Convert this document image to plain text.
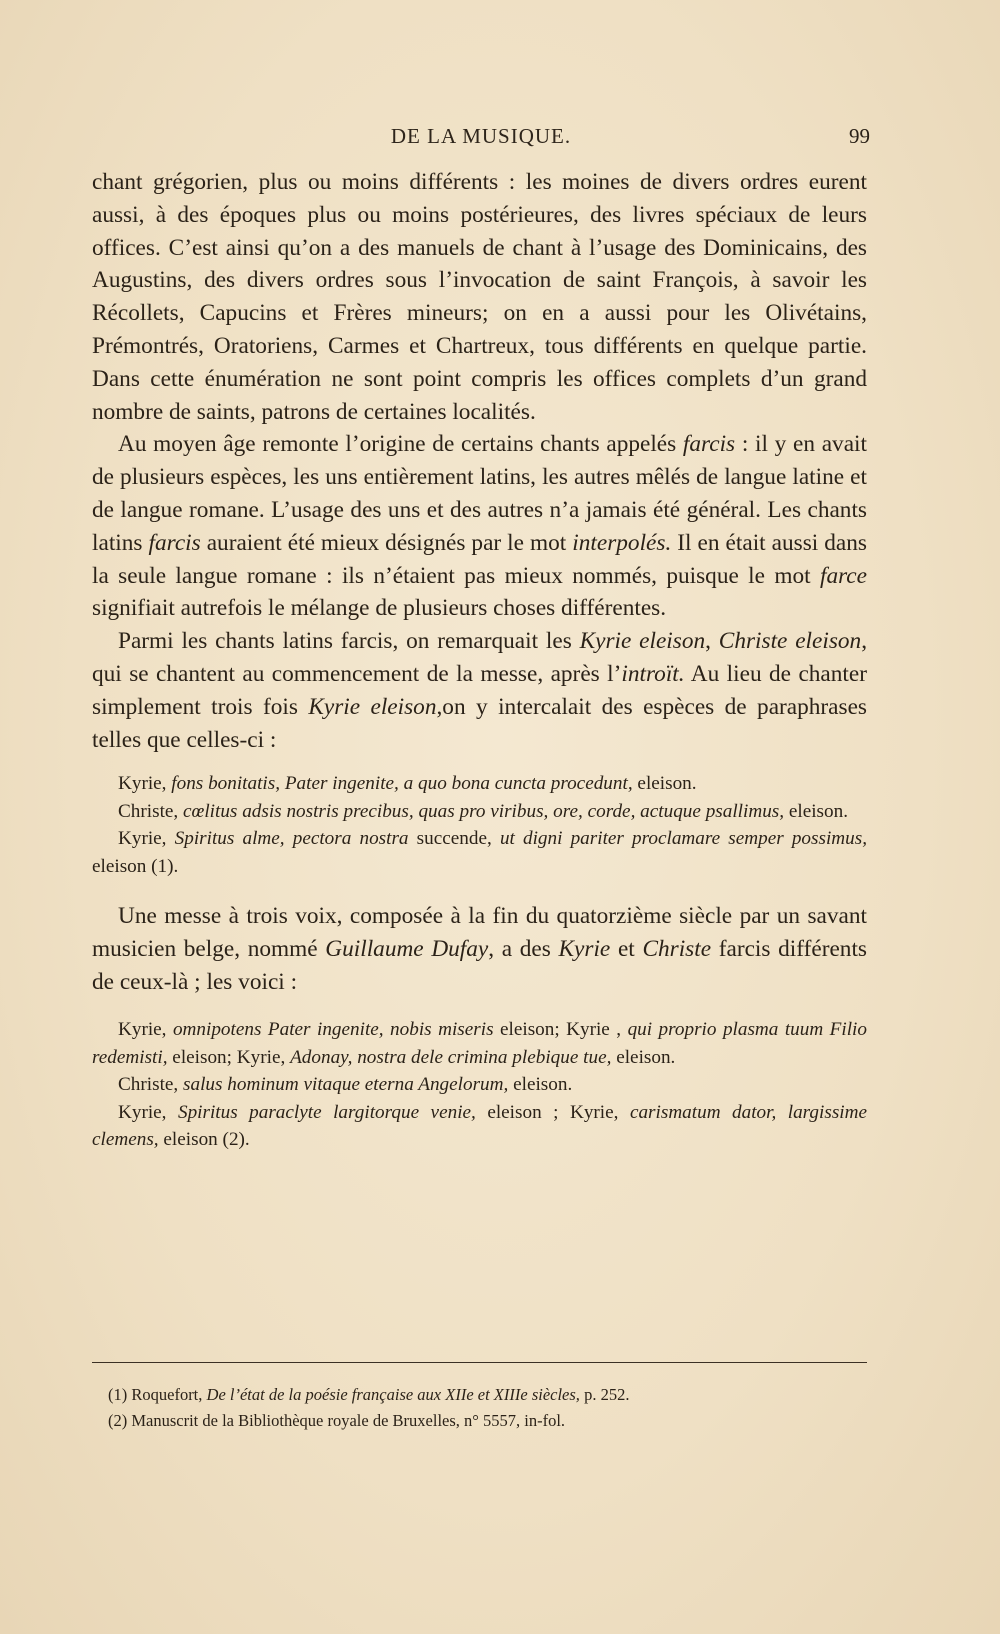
DE LA MUSIQUE.	99

chant grégorien, plus ou moins différents : les moines de divers ordres eurent aussi, à des époques plus ou moins postérieures, des livres spéciaux de leurs offices. C’est ainsi qu’on a des manuels de chant à l’usage des Dominicains, des Augustins, des divers ordres sous l’invocation de saint François, à savoir les Récollets, Capucins et Frères mineurs; on en a aussi pour les Olivétains, Prémontrés, Oratoriens, Carmes et Chartreux, tous différents en quelque partie. Dans cette énumération ne sont point compris les offices complets d’un grand nombre de saints, patrons de certaines localités.

Au moyen âge remonte l’origine de certains chants appelés farcis : il y en avait de plusieurs espèces, les uns entièrement latins, les autres mêlés de langue latine et de langue romane. L’usage des uns et des autres n’a jamais été général. Les chants latins farcis auraient été mieux désignés par le mot interpolés. Il en était aussi dans la seule langue romane : ils n’étaient pas mieux nommés, puisque le mot farce signifiait autrefois le mélange de plusieurs choses différentes.

Parmi les chants latins farcis, on remarquait les Kyrie eleison, Christe eleison, qui se chantent au commencement de la messe, après l’introït. Au lieu de chanter simplement trois fois Kyrie eleison,on y intercalait des espèces de paraphrases telles que celles-ci :

Kyrie, fons bonitatis, Pater ingenite, a quo bona cuncta procedunt, eleison.

Christe, cœlitus adsis nostris precibus, quas pro viribus, ore, corde, actuque psallimus, eleison.

Kyrie, Spiritus alme, pectora nostra succende, ut digni pariter proclamare semper possimus, eleison (1).

Une messe à trois voix, composée à la fin du quatorzième siècle par un savant musicien belge, nommé Guillaume Dufay, a des Kyrie et Christe farcis différents de ceux-là ; les voici :

Kyrie, omnipotens Pater ingenite, nobis miseris eleison; Kyrie , qui proprio plasma tuum Filio redemisti, eleison; Kyrie, Adonay, nostra dele crimina plebique tue, eleison.

Christe, salus hominum vitaque eterna Angelorum, eleison.

Kyrie, Spiritus paraclyte largitorque venie, eleison ; Kyrie, carismatum dator, largissime clemens, eleison (2).

(1) Roquefort, De l’état de la poésie française aux XIIe et XIIIe siècles, p. 252.

(2) Manuscrit de la Bibliothèque royale de Bruxelles, n° 5557, in-fol.
